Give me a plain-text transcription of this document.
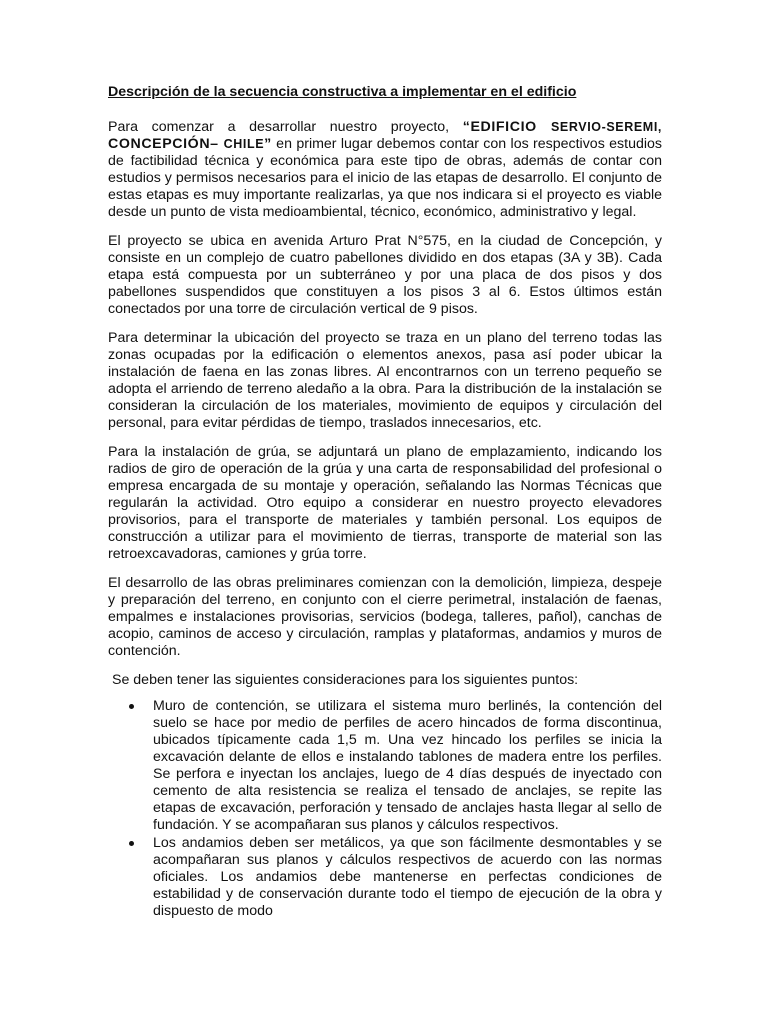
Descripción de la secuencia constructiva a implementar en el edificio

Para comenzar a desarrollar nuestro proyecto, “EDIFICIO SERVIO-SEREMI, CONCEPCIÓN– CHILE” en primer lugar debemos contar con los respectivos estudios de factibilidad técnica y económica para este tipo de obras, además de contar con estudios y permisos necesarios para el inicio de las etapas de desarrollo. El conjunto de estas etapas es muy importante realizarlas, ya que nos indicara si el proyecto es viable desde un punto de vista medioambiental, técnico, económico, administrativo y legal.

El proyecto se ubica en avenida Arturo Prat N°575, en la ciudad de Concepción, y consiste en un complejo de cuatro pabellones dividido en dos etapas (3A y 3B). Cada etapa está compuesta por un subterráneo y por una placa de dos pisos y dos pabellones suspendidos que constituyen a los pisos 3 al 6. Estos últimos están conectados por una torre de circulación vertical de 9 pisos.

Para determinar la ubicación del proyecto se traza en un plano del terreno todas las zonas ocupadas por la edificación o elementos anexos, pasa así poder ubicar la instalación de faena en las zonas libres. Al encontrarnos con un terreno pequeño se adopta el arriendo de terreno aledaño a la obra. Para la distribución de la instalación se consideran la circulación de los materiales, movimiento de equipos y circulación del personal, para evitar pérdidas de tiempo, traslados innecesarios, etc.

Para la instalación de grúa, se adjuntará un plano de emplazamiento, indicando los radios de giro de operación de la grúa y una carta de responsabilidad del profesional o empresa encargada de su montaje y operación, señalando las Normas Técnicas que regularán la actividad. Otro equipo a considerar en nuestro proyecto elevadores provisorios, para el transporte de materiales y también personal. Los equipos de construcción a utilizar para el movimiento de tierras, transporte de material son las retroexcavadoras, camiones y grúa torre.

El desarrollo de las obras preliminares comienzan con la demolición, limpieza, despeje y preparación del terreno, en conjunto con el cierre perimetral, instalación de faenas, empalmes e instalaciones provisorias, servicios (bodega, talleres, pañol), canchas de acopio, caminos de acceso y circulación, ramplas y plataformas, andamios y muros de contención.

Se deben tener las siguientes consideraciones para los siguientes puntos:

Muro de contención, se utilizara el sistema muro berlinés, la contención del suelo se hace por medio de perfiles de acero hincados de forma discontinua, ubicados típicamente cada 1,5 m. Una vez hincado los perfiles se inicia la excavación delante de ellos e instalando tablones de madera entre los perfiles. Se perfora e inyectan los anclajes, luego de 4 días después de inyectado con cemento de alta resistencia se realiza el tensado de anclajes, se repite las etapas de excavación, perforación y tensado de anclajes hasta llegar al sello de fundación. Y se acompañaran sus planos y cálculos respectivos.
Los andamios deben ser metálicos, ya que son fácilmente desmontables y se acompañaran sus planos y cálculos respectivos de acuerdo con las normas oficiales. Los andamios debe mantenerse en perfectas condiciones de estabilidad y de conservación durante todo el tiempo de ejecución de la obra y dispuesto de modo
